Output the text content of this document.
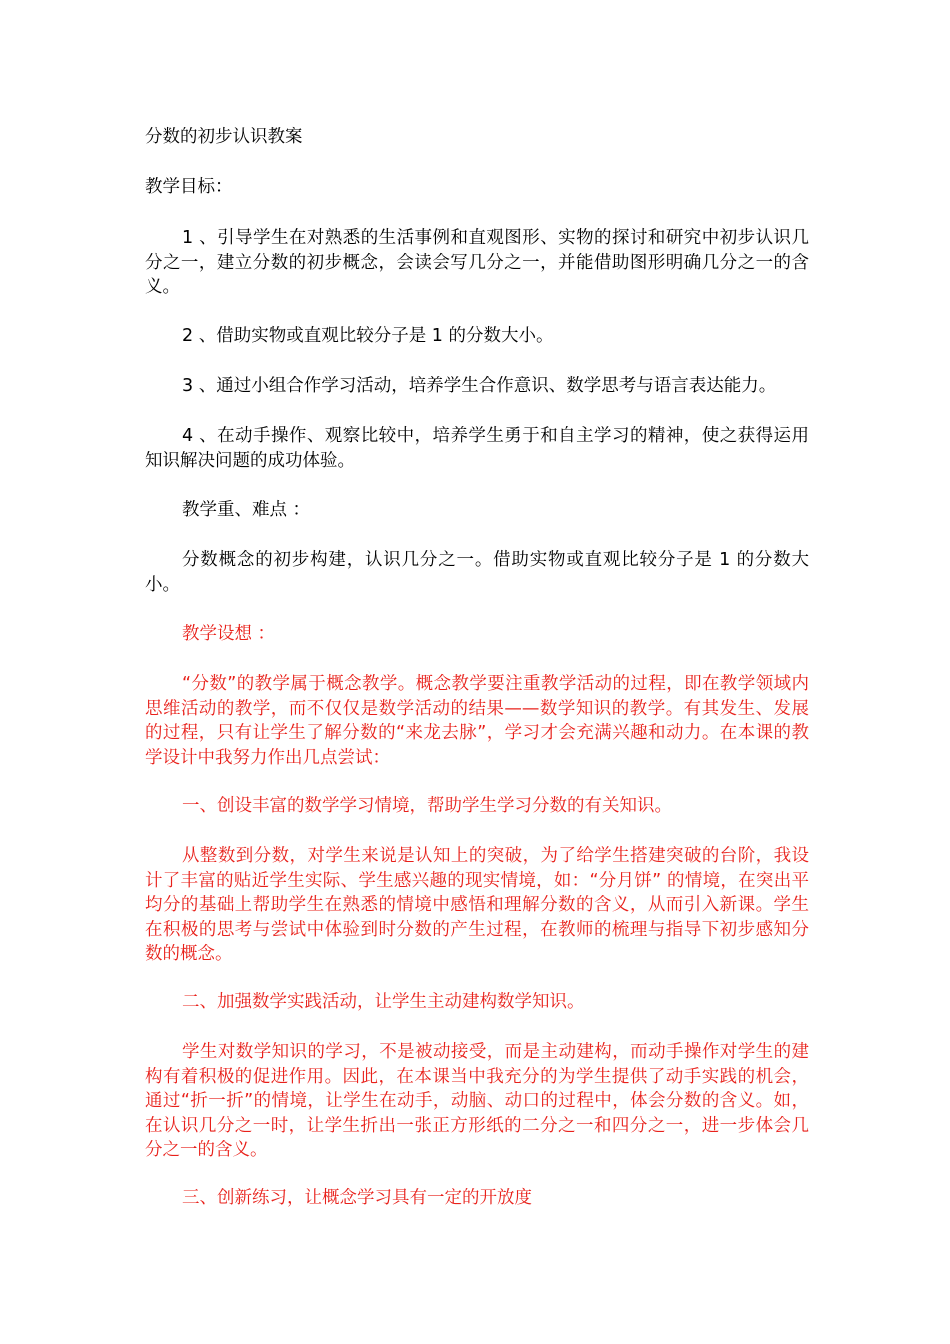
分数的初步认识教案

教学目标：

1 、引导学生在对熟悉的生活事例和直观图形、实物的探讨和研究中初步认识几分之一，建立分数的初步概念，会读会写几分之一，并能借助图形明确几分之一的含义。

2 、借助实物或直观比较分子是 1 的分数大小。

3 、通过小组合作学习活动，培养学生合作意识、数学思考与语言表达能力。

4 、在动手操作、观察比较中，培养学生勇于和自主学习的精神，使之获得运用知识解决问题的成功体验。

教学重、难点 ：

分数概念的初步构建，认识几分之一。借助实物或直观比较分子是 1 的分数大小。

教学设想 ：

“分数”的教学属于概念教学。概念教学要注重教学活动的过程，即在教学领域内思维活动的教学，而不仅仅是数学活动的结果——数学知识的教学。有其发生、发展的过程，只有让学生了解分数的“来龙去脉”，学习才会充满兴趣和动力。在本课的教学设计中我努力作出几点尝试：

一、创设丰富的数学学习情境，帮助学生学习分数的有关知识。

从整数到分数，对学生来说是认知上的突破，为了给学生搭建突破的台阶，我设计了丰富的贴近学生实际、学生感兴趣的现实情境，如：“分月饼” 的情境，在突出平均分的基础上帮助学生在熟悉的情境中感悟和理解分数的含义，从而引入新课。学生在积极的思考与尝试中体验到时分数的产生过程，在教师的梳理与指导下初步感知分数的概念。

二、加强数学实践活动，让学生主动建构数学知识。

学生对数学知识的学习，不是被动接受，而是主动建构，而动手操作对学生的建构有着积极的促进作用。因此，在本课当中我充分的为学生提供了动手实践的机会，通过“折一折”的情境，让学生在动手，动脑、动口的过程中，体会分数的含义。如，在认识几分之一时，让学生折出一张正方形纸的二分之一和四分之一，进一步体会几分之一的含义。

三、创新练习，让概念学习具有一定的开放度
